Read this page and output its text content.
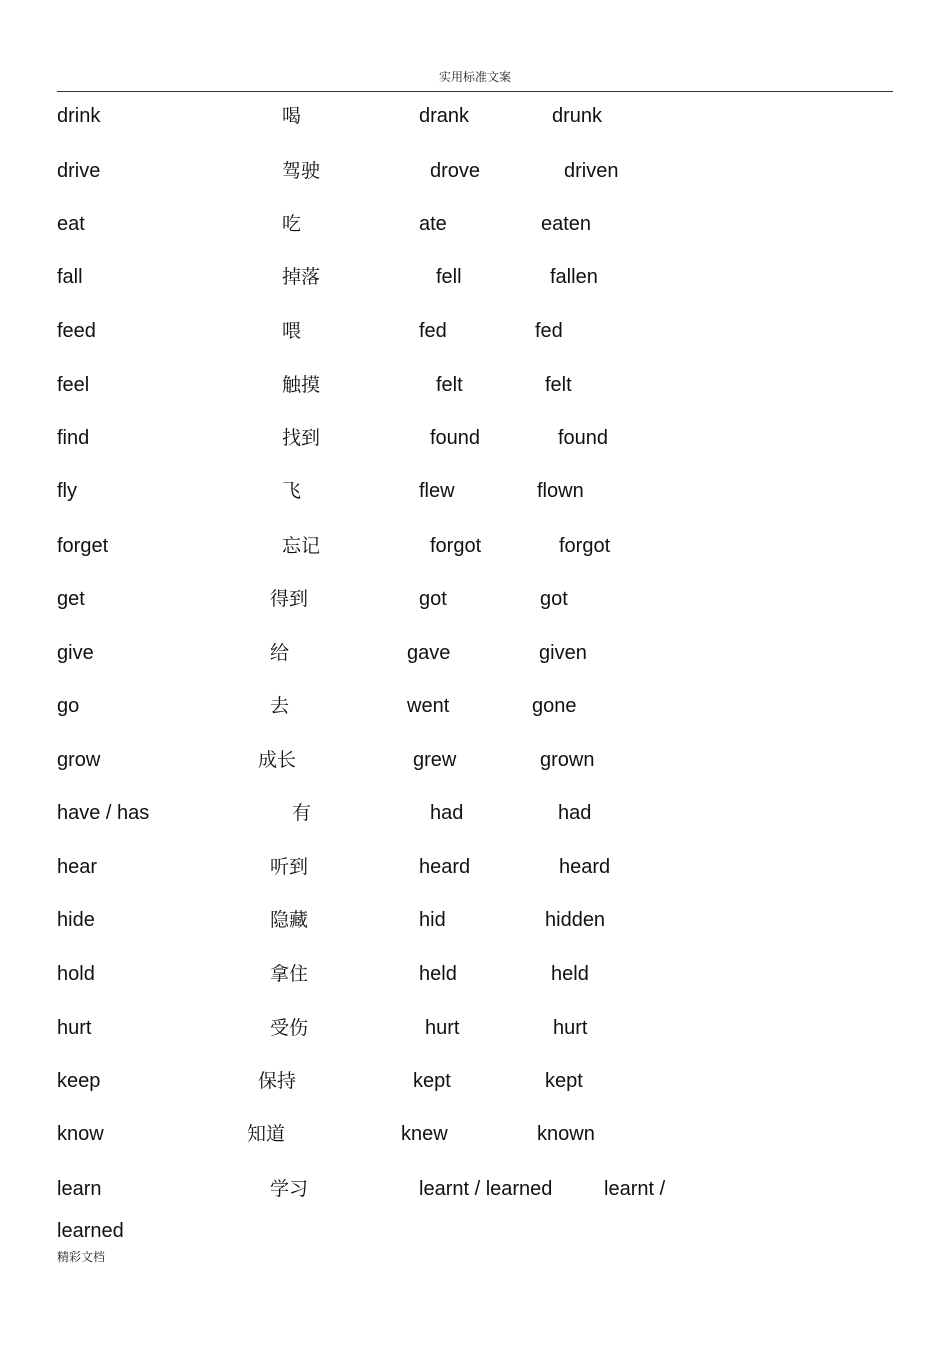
实用标准文案
drink	喝	drank	drunk
drive	驾驶	drove	driven
eat	吃	ate	eaten
fall	掉落	fell	fallen
feed	喂	fed	fed
feel	触摸	felt	felt
find	找到	found	found
fly	飞	flew	flown
forget	忘记	forgot	forgot
get	得到	got	got
give	给	gave	given
go	去	went	gone
grow	成长	grew	grown
have / has	有	had	had
hear	听到	heard	heard
hide	隐藏	hid	hidden
hold	拿住	held	held
hurt	受伤	hurt	hurt
keep	保持	kept	kept
know	知道	knew	known
learn	学习	learnt / learned	learnt /
learned
精彩文档
